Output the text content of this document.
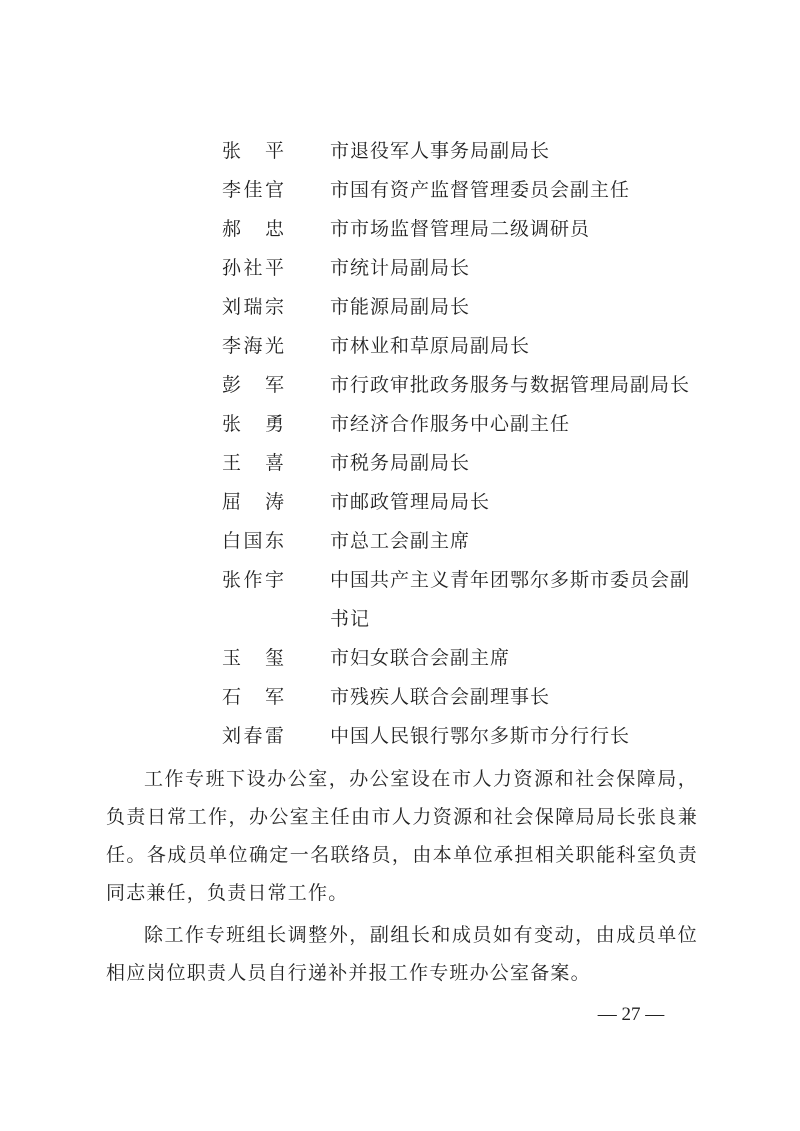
张 平 市退役军人事务局副局长
李 佳 官 市国有资产监督管理委员会副主任
郝 忠 市市场监督管理局二级调研员
孙 社 平 市统计局副局长
刘 瑞 宗 市能源局副局长
李 海 光 市林业和草原局副局长
彭 军 市行政审批政务服务与数据管理局副局长
张 勇 市经济合作服务中心副主任
王 喜 市税务局副局长
屈 涛 市邮政管理局局长
白 国 东 市总工会副主席
张 作 宇 中国共产主义青年团鄂尔多斯市委员会副书记
玉 玺 市妇女联合会副主席
石 军 市残疾人联合会副理事长
刘 春 雷 中国人民银行鄂尔多斯市分行行长

工作专班下设办公室，办公室设在市人力资源和社会保障局，负责日常工作，办公室主任由市人力资源和社会保障局局长张良兼任。各成员单位确定一名联络员，由本单位承担相关职能科室负责同志兼任，负责日常工作。

除工作专班组长调整外，副组长和成员如有变动，由成员单位相应岗位职责人员自行递补并报工作专班办公室备案。

— 27 —
